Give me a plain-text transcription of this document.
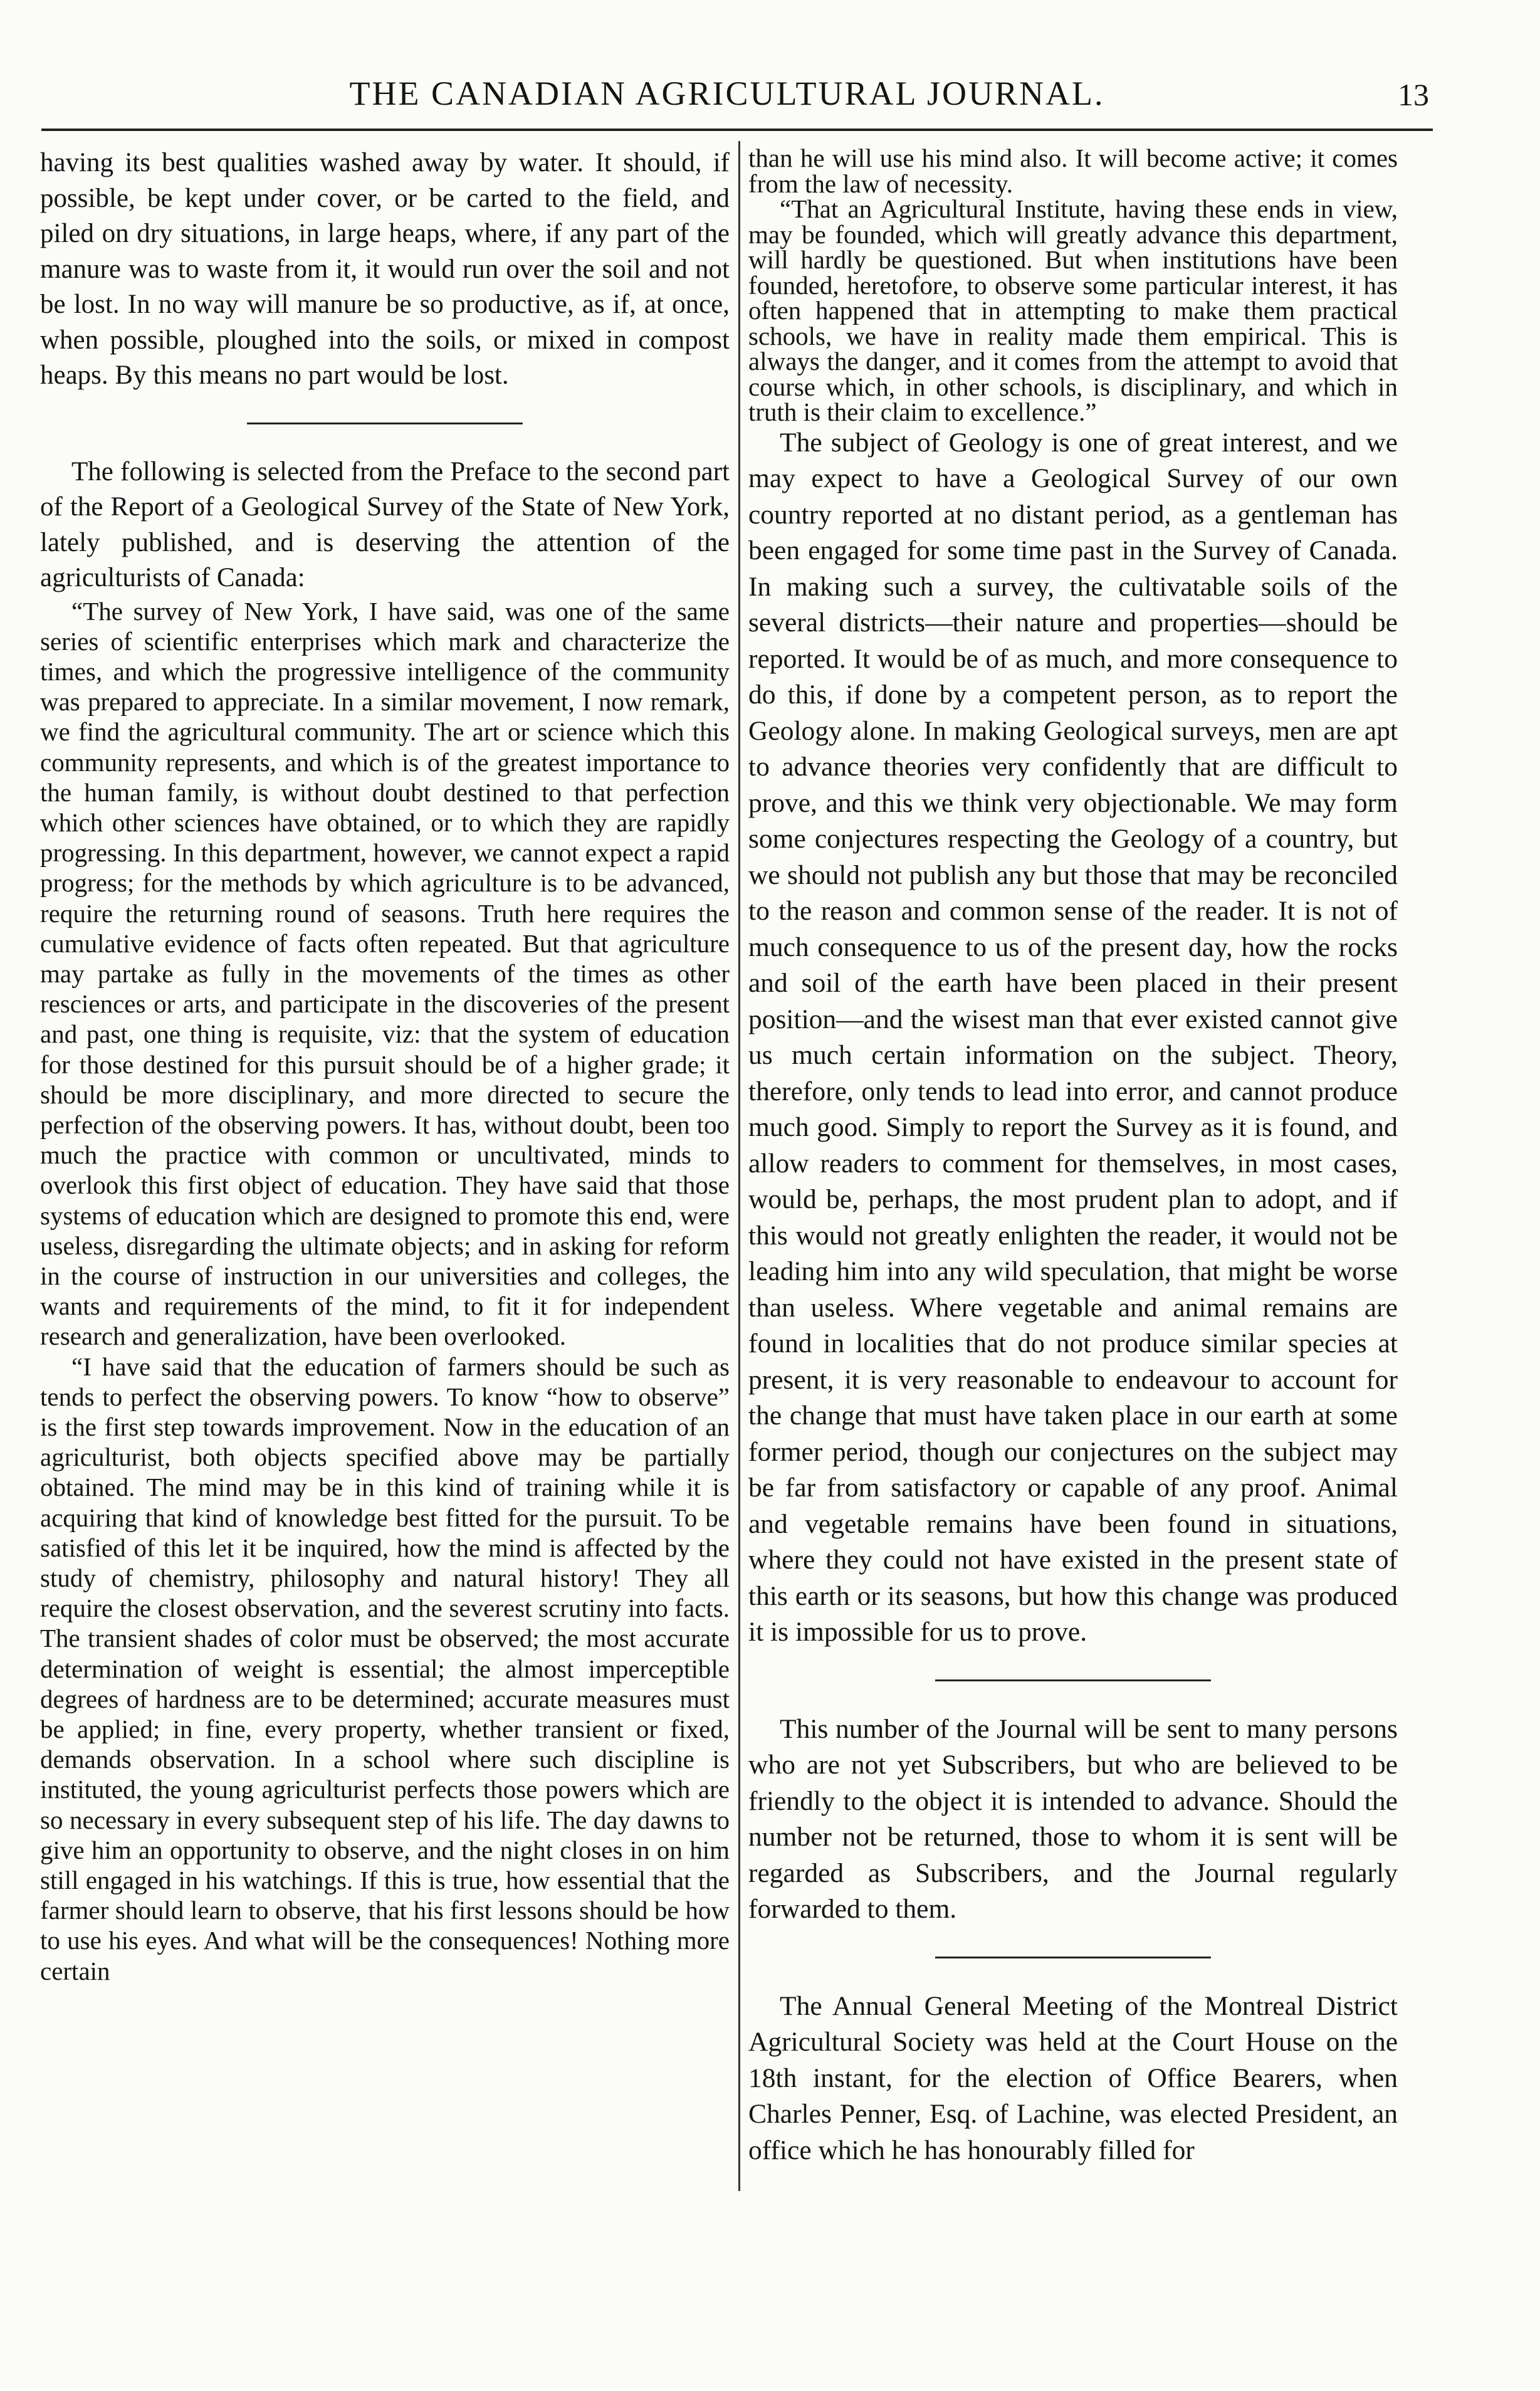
THE CANADIAN AGRICULTURAL JOURNAL.	13

having its best qualities washed away by water. It should, if possible, be kept under cover, or be carted to the field, and piled on dry situations, in large heaps, where, if any part of the manure was to waste from it, it would run over the soil and not be lost. In no way will manure be so productive, as if, at once, when possible, ploughed into the soils, or mixed in compost heaps. By this means no part would be lost.

The following is selected from the Preface to the second part of the Report of a Geological Survey of the State of New York, lately published, and is deserving the attention of the agriculturists of Canada:

“The survey of New York, I have said, was one of the same series of scientific enterprises which mark and characterize the times, and which the progressive intelligence of the community was prepared to appreciate. In a similar movement, I now remark, we find the agricultural community. The art or science which this community represents, and which is of the greatest importance to the human family, is without doubt destined to that perfection which other sciences have obtained, or to which they are rapidly progressing. In this department, however, we cannot expect a rapid progress; for the methods by which agriculture is to be advanced, require the returning round of seasons. Truth here requires the cumulative evidence of facts often repeated. But that agriculture may partake as fully in the movements of the times as other resciences or arts, and participate in the discoveries of the present and past, one thing is requisite, viz: that the system of education for those destined for this pursuit should be of a higher grade; it should be more disciplinary, and more directed to secure the perfection of the observing powers. It has, without doubt, been too much the practice with common or uncultivated, minds to overlook this first object of education. They have said that those systems of education which are designed to promote this end, were useless, disregarding the ultimate objects; and in asking for reform in the course of instruction in our universities and colleges, the wants and requirements of the mind, to fit it for independent research and generalization, have been overlooked.

“I have said that the education of farmers should be such as tends to perfect the observing powers. To know “how to observe” is the first step towards improvement. Now in the education of an agriculturist, both objects specified above may be partially obtained. The mind may be in this kind of training while it is acquiring that kind of knowledge best fitted for the pursuit. To be satisfied of this let it be inquired, how the mind is affected by the study of chemistry, philosophy and natural history! They all require the closest observation, and the severest scrutiny into facts. The transient shades of color must be observed; the most accurate determination of weight is essential; the almost imperceptible degrees of hardness are to be determined; accurate measures must be applied; in fine, every property, whether transient or fixed, demands observation. In a school where such discipline is instituted, the young agriculturist perfects those powers which are so necessary in every subsequent step of his life. The day dawns to give him an opportunity to observe, and the night closes in on him still engaged in his watchings. If this is true, how essential that the farmer should learn to observe, that his first lessons should be how to use his eyes. And what will be the consequences! Nothing more certain

than he will use his mind also. It will become active; it comes from the law of necessity.

“That an Agricultural Institute, having these ends in view, may be founded, which will greatly advance this department, will hardly be questioned. But when institutions have been founded, heretofore, to observe some particular interest, it has often happened that in attempting to make them practical schools, we have in reality made them empirical. This is always the danger, and it comes from the attempt to avoid that course which, in other schools, is disciplinary, and which in truth is their claim to excellence.”

The subject of Geology is one of great interest, and we may expect to have a Geological Survey of our own country reported at no distant period, as a gentleman has been engaged for some time past in the Survey of Canada. In making such a survey, the cultivatable soils of the several districts—their nature and properties—should be reported. It would be of as much, and more consequence to do this, if done by a competent person, as to report the Geology alone. In making Geological surveys, men are apt to advance theories very confidently that are difficult to prove, and this we think very objectionable. We may form some conjectures respecting the Geology of a country, but we should not publish any but those that may be reconciled to the reason and common sense of the reader. It is not of much consequence to us of the present day, how the rocks and soil of the earth have been placed in their present position—and the wisest man that ever existed cannot give us much certain information on the subject. Theory, therefore, only tends to lead into error, and cannot produce much good. Simply to report the Survey as it is found, and allow readers to comment for themselves, in most cases, would be, perhaps, the most prudent plan to adopt, and if this would not greatly enlighten the reader, it would not be leading him into any wild speculation, that might be worse than useless. Where vegetable and animal remains are found in localities that do not produce similar species at present, it is very reasonable to endeavour to account for the change that must have taken place in our earth at some former period, though our conjectures on the subject may be far from satisfactory or capable of any proof. Animal and vegetable remains have been found in situations, where they could not have existed in the present state of this earth or its seasons, but how this change was produced it is impossible for us to prove.

This number of the Journal will be sent to many persons who are not yet Subscribers, but who are believed to be friendly to the object it is intended to advance. Should the number not be returned, those to whom it is sent will be regarded as Subscribers, and the Journal regularly forwarded to them.

The Annual General Meeting of the Montreal District Agricultural Society was held at the Court House on the 18th instant, for the election of Office Bearers, when Charles Penner, Esq. of Lachine, was elected President, an office which he has honourably filled for
